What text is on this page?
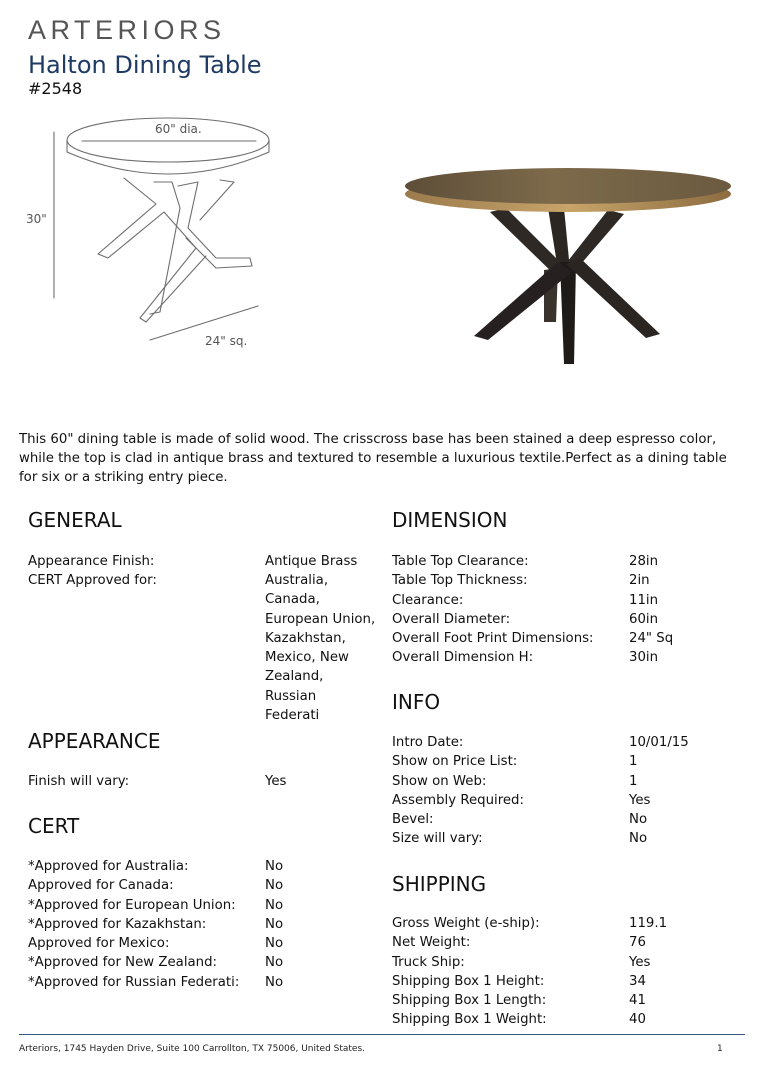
ARTERIORS
Halton Dining Table
#2548
60" dia.
30"
24" sq.
This 60" dining table is made of solid wood. The crisscross base has been stained a deep espresso color, while the top is clad in antique brass and textured to resemble a luxurious textile.Perfect as a dining table for six or a striking entry piece.
GENERAL
Appearance Finish:	Antique Brass
CERT Approved for:	Australia,
Canada,
European Union,
Kazakhstan,
Mexico, New
Zealand, Russian
Federati
APPEARANCE
Finish will vary:	Yes
CERT
*Approved for Australia:	No
Approved for Canada:	No
*Approved for European Union: No
*Approved for Kazakhstan:	No
Approved for Mexico:	No
*Approved for New Zealand:	No
*Approved for Russian Federati: No
DIMENSION
Table Top Clearance:	28in
Table Top Thickness:	2in
Clearance:	11in
Overall Diameter:	60in
Overall Foot Print Dimensions:	24" Sq
Overall Dimension H:	30in
INFO
Intro Date:	10/01/15
Show on Price List:	1
Show on Web:	1
Assembly Required:	Yes
Bevel:	No
Size will vary:	No
SHIPPING
Gross Weight (e-ship):	119.1
Net Weight:	76
Truck Ship:	Yes
Shipping Box 1 Height:	34
Shipping Box 1 Length:	41
Shipping Box 1 Weight:	40
Arteriors, 1745 Hayden Drive, Suite 100 Carrollton, TX 75006, United States.	1
